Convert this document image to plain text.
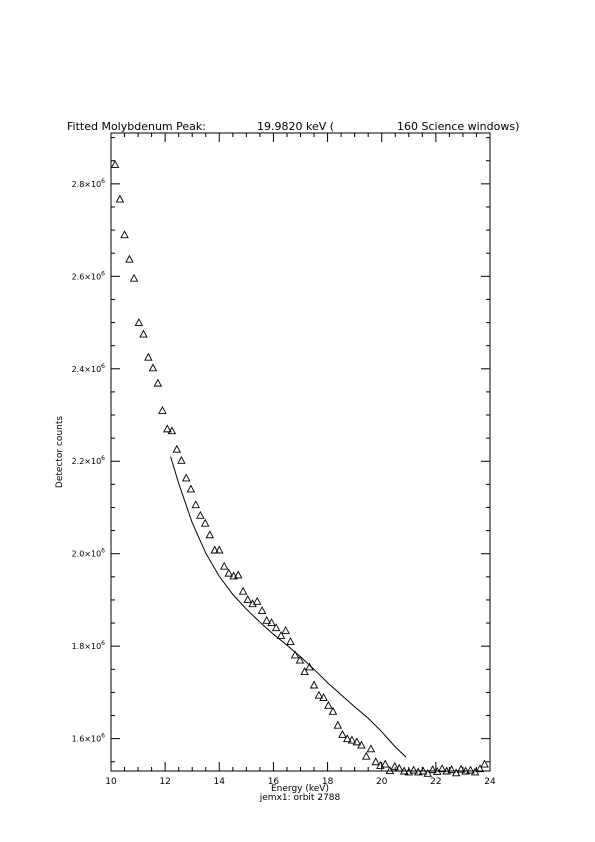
10	12	14	16	18	20	22	24
$1.6\times 10^6$
$1.8\times 10^6$
$2.0\times 10^6$
$2.2\times 10^6$
$2.4\times 10^6$
$2.6\times 10^6$
$2.8\times 10^6$
Fitted Molybdenum Peak:	19.9820 keV (	160 Science windows)
Energy (keV)
jemx1: orbit 2788
Detector counts
